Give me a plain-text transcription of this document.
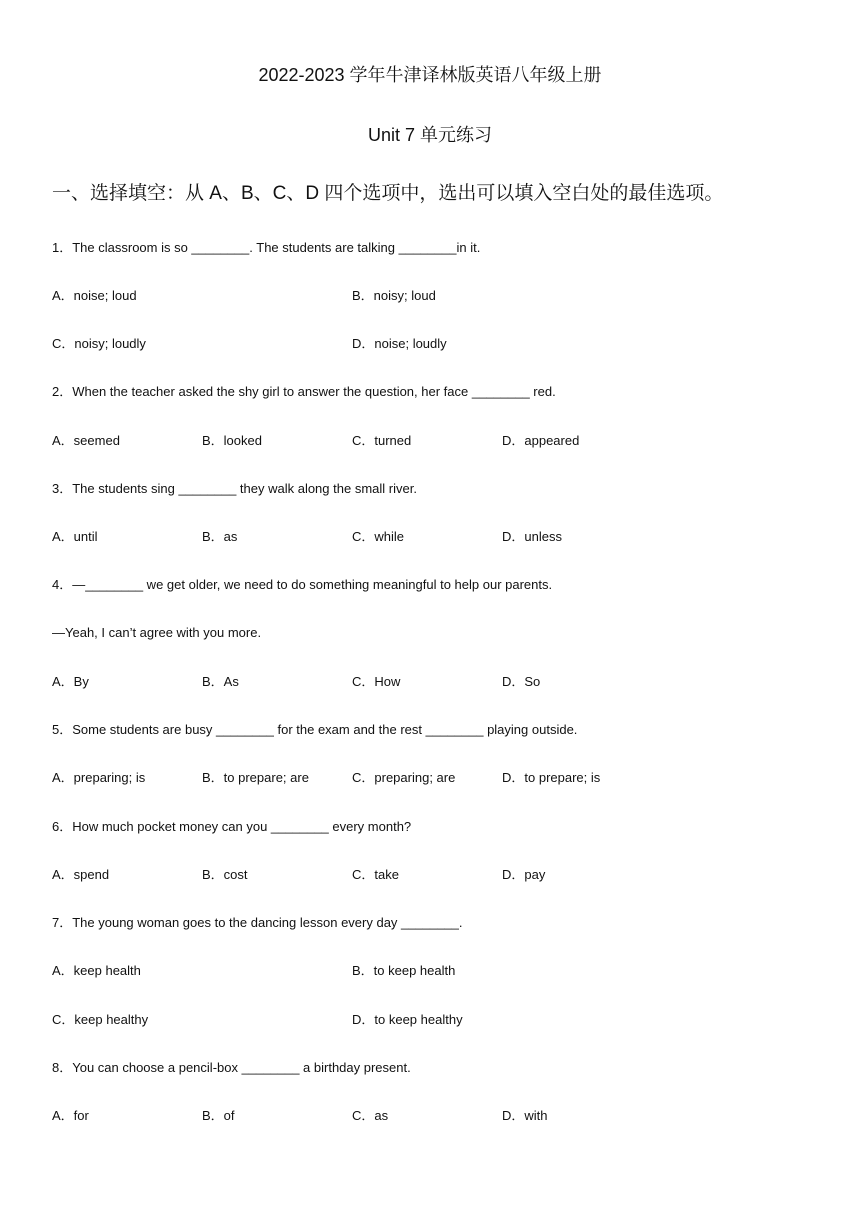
2022-2023 学年牛津译林版英语八年级上册
Unit 7 单元练习
一、选择填空：从 A、B、C、D 四个选项中，选出可以填入空白处的最佳选项。
1．The classroom is so ________. The students are talking ________in it.
A．noise; loud	B．noisy; loud
C．noisy; loudly	D．noise; loudly
2．When the teacher asked the shy girl to answer the question, her face ________ red.
A．seemed	B．looked	C．turned	D．appeared
3．The students sing ________ they walk along the small river.
A．until	B．as	C．while	D．unless
4．—________ we get older, we need to do something meaningful to help our parents.
—Yeah, I can’t agree with you more.
A．By	B．As	C．How	D．So
5．Some students are busy ________ for the exam and the rest ________ playing outside.
A．preparing; is	B．to prepare; are	C．preparing; are	D．to prepare; is
6．How much pocket money can you ________ every month?
A．spend	B．cost	C．take	D．pay
7．The young woman goes to the dancing lesson every day ________.
A．keep health	B．to keep health
C．keep healthy	D．to keep healthy
8．You can choose a pencil-box ________ a birthday present.
A．for	B．of	C．as	D．with
